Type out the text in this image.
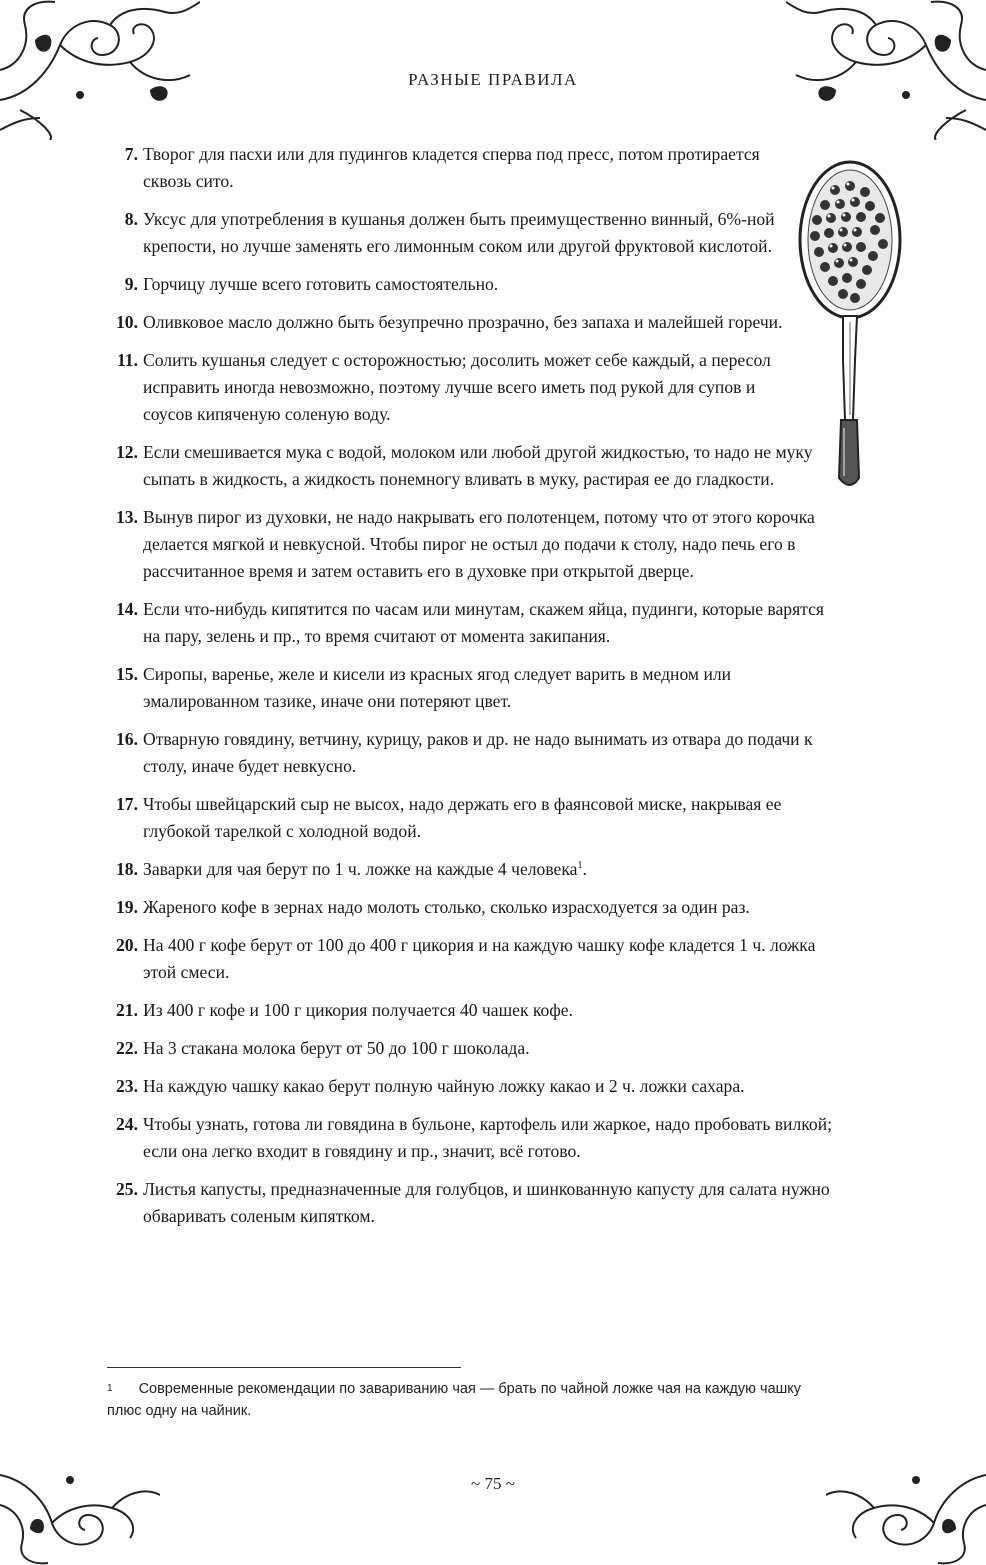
РАЗНЫЕ ПРАВИЛА
7. Творог для пасхи или для пудингов кладется сперва под пресс, потом протирается сквозь сито.
8. Уксус для употребления в кушанья должен быть преимущественно винный, 6%-ной крепости, но лучше заменять его лимонным соком или другой фруктовой кислотой.
9. Горчицу лучше всего готовить самостоятельно.
10. Оливковое масло должно быть безупречно прозрачно, без запаха и малейшей горечи.
11. Солить кушанья следует с осторожностью; досолить может себе каждый, а пересол исправить иногда невозможно, поэтому лучше всего иметь под рукой для супов и соусов кипяченую соленую воду.
12. Если смешивается мука с водой, молоком или любой другой жидкостью, то надо не муку сыпать в жидкость, а жидкость понемногу вливать в муку, растирая ее до гладкости.
13. Вынув пирог из духовки, не надо накрывать его полотенцем, потому что от этого корочка делается мягкой и невкусной. Чтобы пирог не остыл до подачи к столу, надо печь его в рассчитанное время и затем оставить его в духовке при открытой дверце.
14. Если что-нибудь кипятится по часам или минутам, скажем яйца, пудинги, которые варятся на пару, зелень и пр., то время считают от момента закипания.
15. Сиропы, варенье, желе и кисели из красных ягод следует варить в медном или эмалированном тазике, иначе они потеряют цвет.
16. Отварную говядину, ветчину, курицу, раков и др. не надо вынимать из отвара до подачи к столу, иначе будет невкусно.
17. Чтобы швейцарский сыр не высох, надо держать его в фаянсовой миске, накрывая ее глубокой тарелкой с холодной водой.
18. Заварки для чая берут по 1 ч. ложке на каждые 4 человека$^1$.
19. Жареного кофе в зернах надо молоть столько, сколько израсходуется за один раз.
20. На 400 г кофе берут от 100 до 400 г цикория и на каждую чашку кофе кладется 1 ч. ложка этой смеси.
21. Из 400 г кофе и 100 г цикория получается 40 чашек кофе.
22. На 3 стакана молока берут от 50 до 100 г шоколада.
23. На каждую чашку какао берут полную чайную ложку какао и 2 ч. ложки сахара.
24. Чтобы узнать, готова ли говядина в бульоне, картофель или жаркое, надо пробовать вилкой; если она легко входит в говядину и пр., значит, всё готово.
25. Листья капусты, предназначенные для голубцов, и шинкованную капусту для салата нужно обваривать соленым кипятком.
$^1$ Современные рекомендации по завариванию чая — брать по чайной ложке чая на каждую чашку плюс одну на чайник.
~ 75 ~
